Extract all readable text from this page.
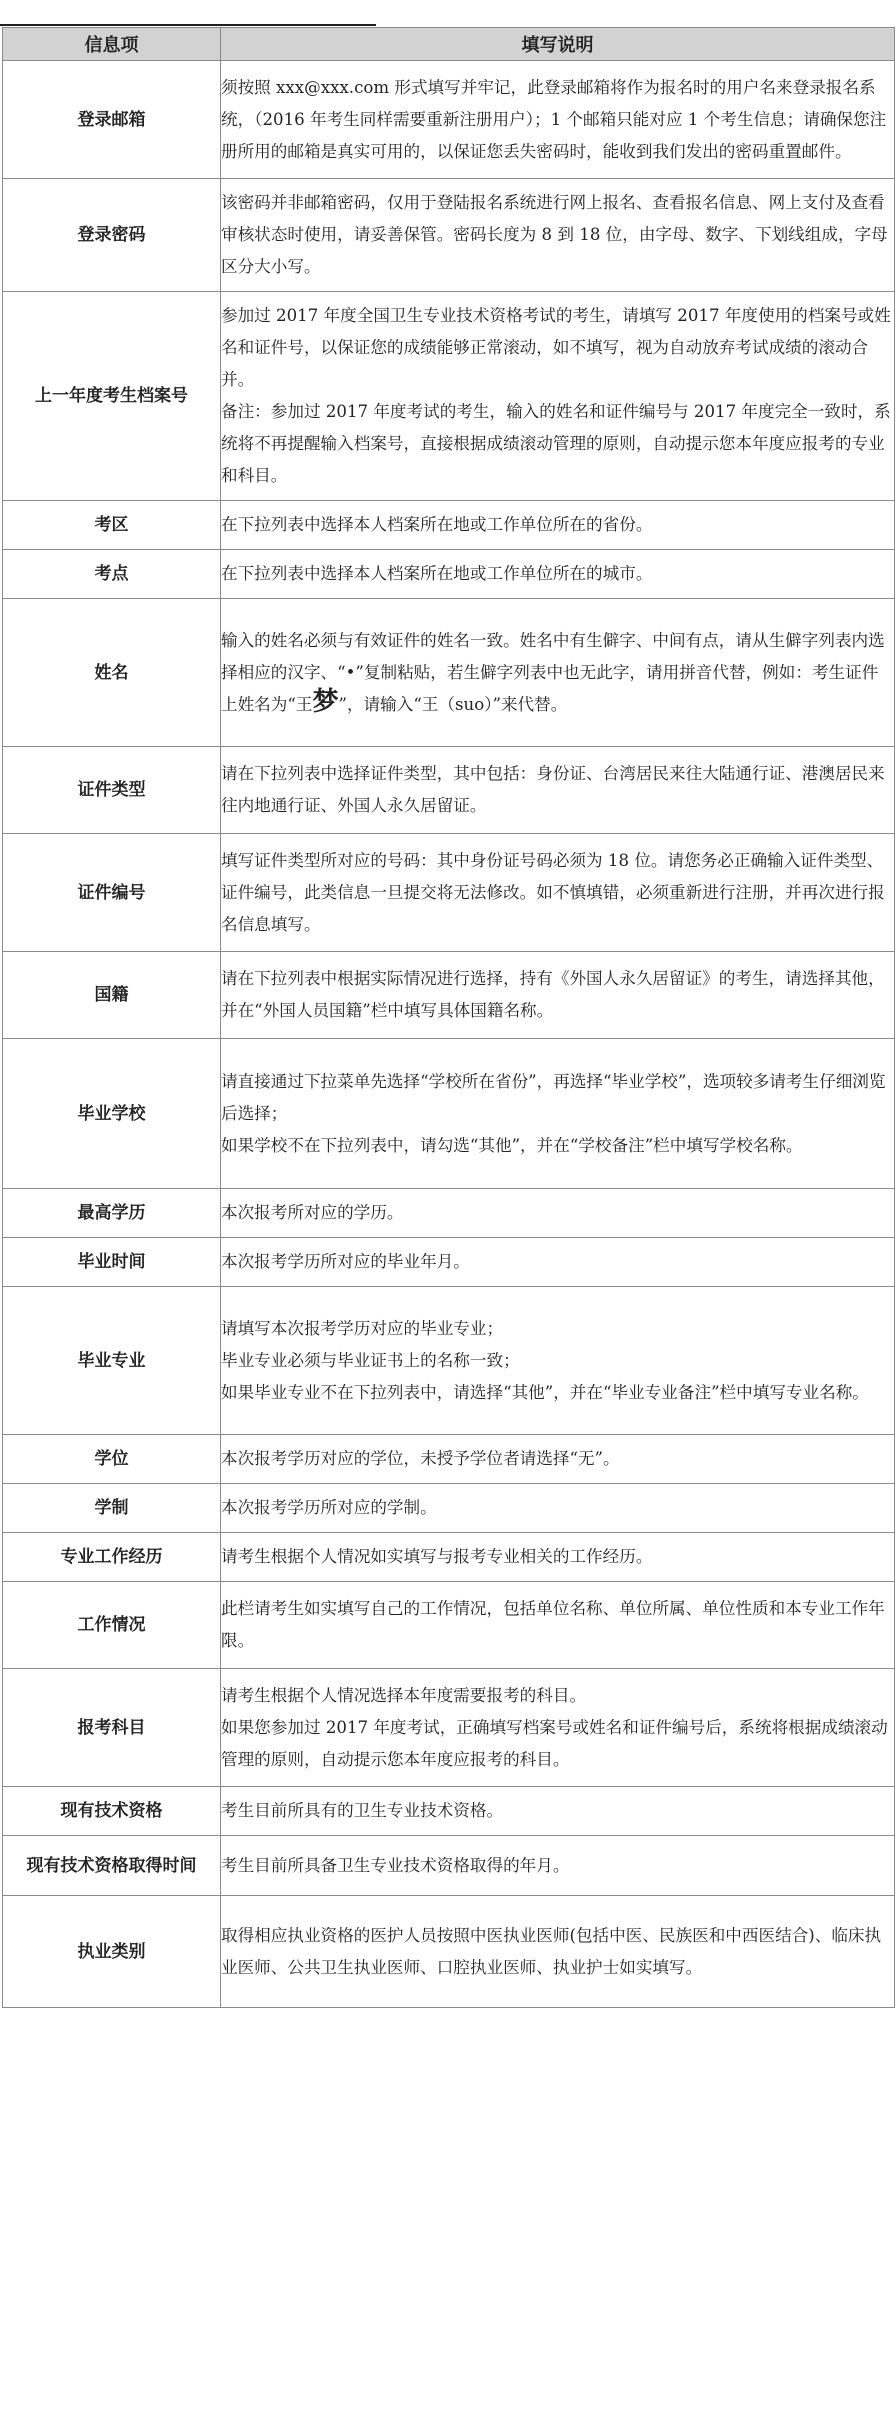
信息项	填写说明
登录邮箱	须按照 xxx@xxx.com 形式填写并牢记，此登录邮箱将作为报名时的用户名来登录报名系统，（2016 年考生同样需要重新注册用户）；1 个邮箱只能对应 1 个考生信息；请确保您注册所用的邮箱是真实可用的，以保证您丢失密码时，能收到我们发出的密码重置邮件。

登录密码	该密码并非邮箱密码，仅用于登陆报名系统进行网上报名、查看报名信息、网上支付及查看审核状态时使用，请妥善保管。密码长度为 8 到 18 位，由字母、数字、下划线组成，字母区分大小写。

上一年度考生档案号	参加过 2017 年度全国卫生专业技术资格考试的考生，请填写 2017 年度使用的档案号或姓名和证件号，以保证您的成绩能够正常滚动，如不填写，视为自动放弃考试成绩的滚动合并。

备注：参加过 2017 年度考试的考生，输入的姓名和证件编号与 2017 年度完全一致时，系统将不再提醒输入档案号，直接根据成绩滚动管理的原则，自动提示您本年度应报考的专业和科目。

考区	在下拉列表中选择本人档案所在地或工作单位所在的省份。

考点	在下拉列表中选择本人档案所在地或工作单位所在的城市。

姓名	输入的姓名必须与有效证件的姓名一致。姓名中有生僻字、中间有点，请从生僻字列表内选择相应的汉字、“•”复制粘贴，若生僻字列表中也无此字，请用拼音代替，例如：考生证件上姓名为“王梦”，请输入“王（suo）”来代替。

证件类型	请在下拉列表中选择证件类型，其中包括：身份证、台湾居民来往大陆通行证、港澳居民来往内地通行证、外国人永久居留证。

证件编号	填写证件类型所对应的号码：其中身份证号码必须为 18 位。请您务必正确输入证件类型、证件编号，此类信息一旦提交将无法修改。如不慎填错，必须重新进行注册，并再次进行报名信息填写。

国籍	请在下拉列表中根据实际情况进行选择，持有《外国人永久居留证》的考生，请选择其他，并在“外国人员国籍”栏中填写具体国籍名称。

毕业学校	请直接通过下拉菜单先选择“学校所在省份”，再选择“毕业学校”，选项较多请考生仔细浏览后选择；

如果学校不在下拉列表中，请勾选“其他”，并在“学校备注”栏中填写学校名称。

最高学历	本次报考所对应的学历。

毕业时间	本次报考学历所对应的毕业年月。

毕业专业	请填写本次报考学历对应的毕业专业；

毕业专业必须与毕业证书上的名称一致；

如果毕业专业不在下拉列表中，请选择“其他”，并在“毕业专业备注”栏中填写专业名称。

学位	本次报考学历对应的学位，未授予学位者请选择“无”。

学制	本次报考学历所对应的学制。

专业工作经历	请考生根据个人情况如实填写与报考专业相关的工作经历。

工作情况	此栏请考生如实填写自己的工作情况，包括单位名称、单位所属、单位性质和本专业工作年限。

报考科目	请考生根据个人情况选择本年度需要报考的科目。

如果您参加过 2017 年度考试，正确填写档案号或姓名和证件编号后，系统将根据成绩滚动管理的原则，自动提示您本年度应报考的科目。

现有技术资格	考生目前所具有的卫生专业技术资格。

现有技术资格取得时间	考生目前所具备卫生专业技术资格取得的年月。

执业类别	取得相应执业资格的医护人员按照中医执业医师(包括中医、民族医和中西医结合)、临床执业医师、公共卫生执业医师、口腔执业医师、执业护士如实填写。
